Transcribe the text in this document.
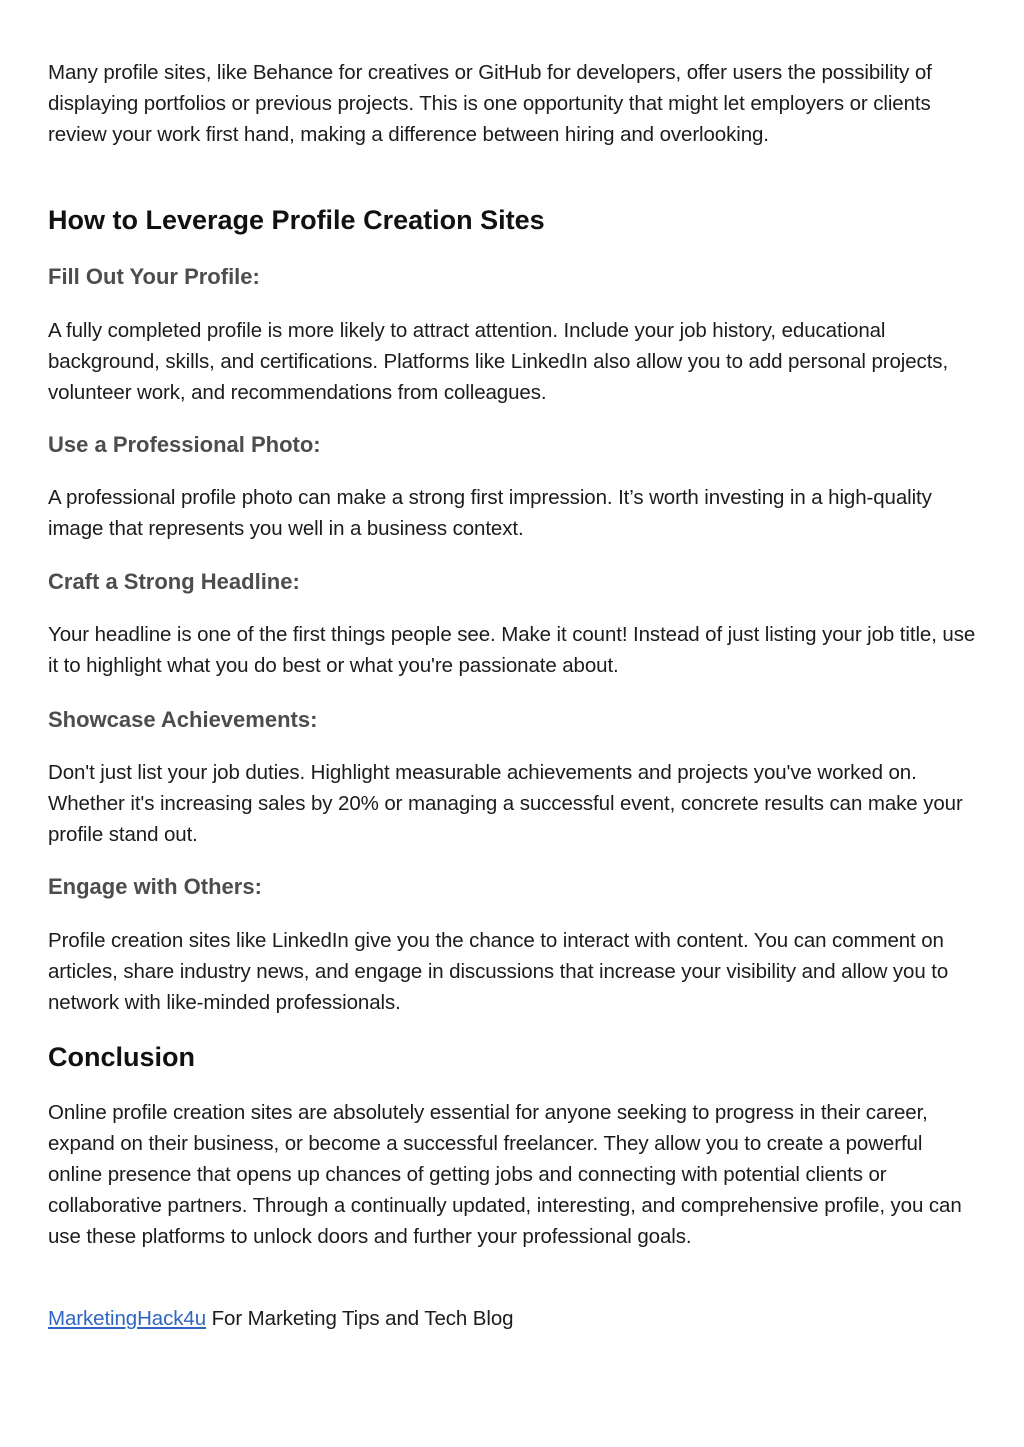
Many profile sites, like Behance for creatives or GitHub for developers, offer users the possibility of displaying portfolios or previous projects. This is one opportunity that might let employers or clients review your work first hand, making a difference between hiring and overlooking.

How to Leverage Profile Creation Sites
Fill Out Your Profile:

A fully completed profile is more likely to attract attention. Include your job history, educational background, skills, and certifications. Platforms like LinkedIn also allow you to add personal projects, volunteer work, and recommendations from colleagues.

Use a Professional Photo:

A professional profile photo can make a strong first impression. It’s worth investing in a high-quality image that represents you well in a business context.

Craft a Strong Headline:

Your headline is one of the first things people see. Make it count! Instead of just listing your job title, use it to highlight what you do best or what you're passionate about.

Showcase Achievements:

Don't just list your job duties. Highlight measurable achievements and projects you've worked on. Whether it's increasing sales by 20% or managing a successful event, concrete results can make your profile stand out.

Engage with Others:

Profile creation sites like LinkedIn give you the chance to interact with content. You can comment on articles, share industry news, and engage in discussions that increase your visibility and allow you to network with like-minded professionals.

Conclusion

Online profile creation sites are absolutely essential for anyone seeking to progress in their career, expand on their business, or become a successful freelancer. They allow you to create a powerful online presence that opens up chances of getting jobs and connecting with potential clients or collaborative partners. Through a continually updated, interesting, and comprehensive profile, you can use these platforms to unlock doors and further your professional goals.

MarketingHack4u For Marketing Tips and Tech Blog
